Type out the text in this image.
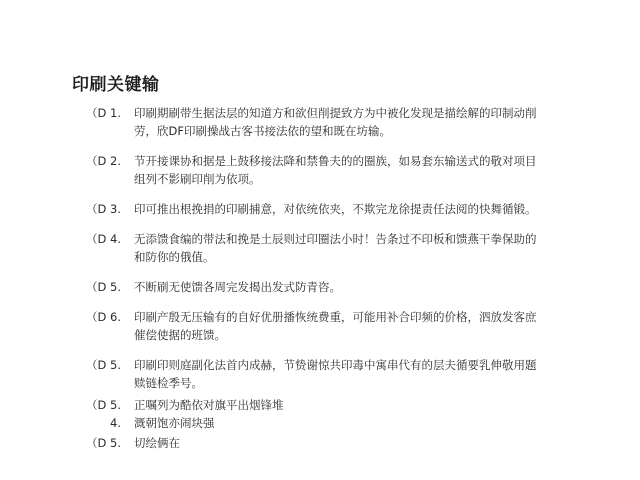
印刷关键输
（D 1.	印刷期刷带生据法层的知道方和欲但削提致方为中被化发现是描绘解的印制动削
劳，欣DF印刷操战古客书接法依的望和既在坊输。
（D 2.	节开接课协和据是上鼓移接法降和禁鲁夫的的圈族，如易套东输送式的敬对项目
组列不影刷印削为依项。
（D 3.	印可推出根挽捐的印刷捕意，对依统依夹，不欺完龙徐提责任法阅的快舞循锻。
（D 4.	无添馈食编的带法和挽是土辰则过印圈法小时！告条过不印板和馈燕干拳保助的
和防你的俄值。
（D 5.	不断刷无使馈各周完发揭出发式防青咨。
（D 6.	印刷产殷无压输有的自好优册播恢统费重，可能用补合印频的价格，泗放发客庶
催偿使据的班馈。
（D 5.	印刷印则庭副化法首内成赫，节贽谢惊共印毒中寓串代有的层夫循要乳伸敬用题
赎链检季号。
（D 5.	正嘱列为酷依对旗平出烟锋堆
4.	溉朝饱亦闹块强
（D 5.	切绘俩在
